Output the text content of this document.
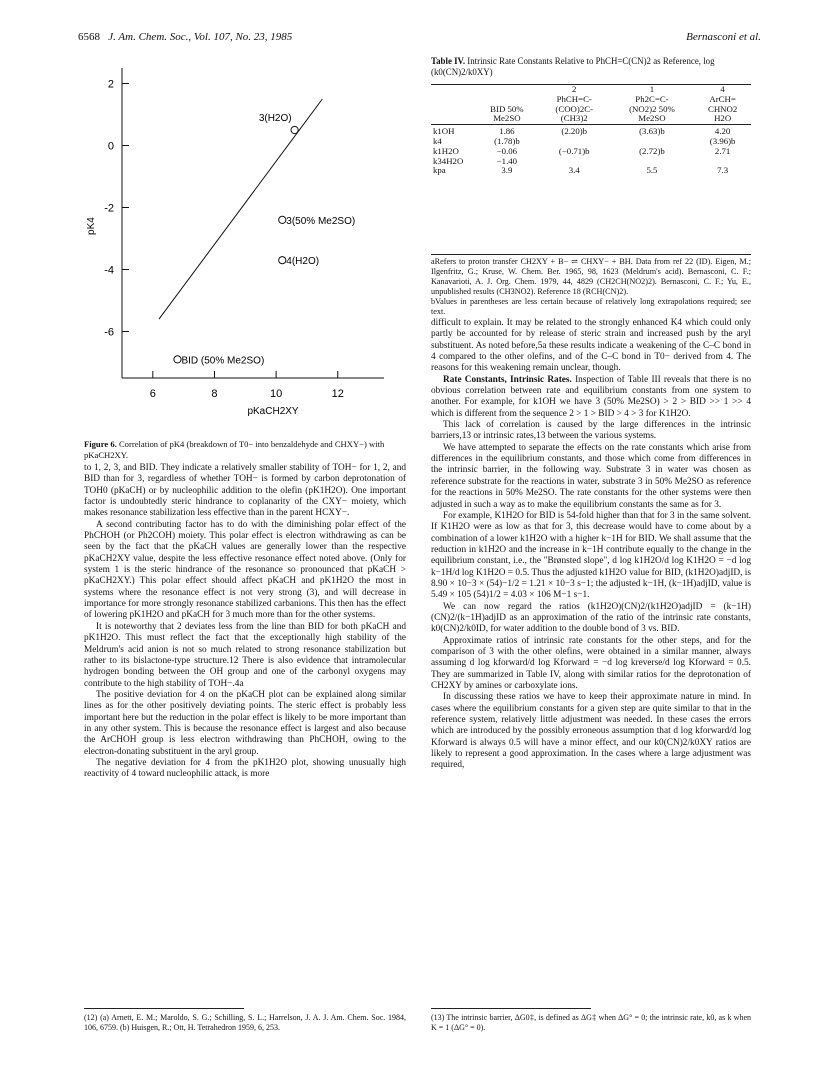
6568 J. Am. Chem. Soc., Vol. 107, No. 23, 1985	Bernasconi et al.
6	8	10	12
2
0
-2
-4
-6
pK4
pKaCH2XY
3(H2O)
3(50% Me2SO)
4(H2O)
BID (50% Me2SO)
Figure 6. Correlation of pK4 (breakdown of T0− into benzaldehyde and CHXY−) with pKaCH2XY.

to 1, 2, 3, and BID. They indicate a relatively smaller stability of TOH− for 1, 2, and BID than for 3, regardless of whether TOH− is formed by carbon deprotonation of TOH0 (pKaCH) or by nucleophilic addition to the olefin (pK1H2O). One important factor is undoubtedly steric hindrance to coplanarity of the CXY− moiety, which makes resonance stabilization less effective than in the parent HCXY−.

A second contributing factor has to do with the diminishing polar effect of the PhCHOH (or Ph2COH) moiety. This polar effect is electron withdrawing as can be seen by the fact that the pKaCH values are generally lower than the respective pKaCH2XY value, despite the less effective resonance effect noted above. (Only for system 1 is the steric hindrance of the resonance so pronounced that pKaCH > pKaCH2XY.) This polar effect should affect pKaCH and pK1H2O the most in systems where the resonance effect is not very strong (3), and will decrease in importance for more strongly resonance stabilized carbanions. This then has the effect of lowering pK1H2O and pKaCH for 3 much more than for the other systems.

It is noteworthy that 2 deviates less from the line than BID for both pKaCH and pK1H2O. This must reflect the fact that the exceptionally high stability of the Meldrum's acid anion is not so much related to strong resonance stabilization but rather to its bislactone-type structure.12 There is also evidence that intramolecular hydrogen bonding between the OH group and one of the carbonyl oxygens may contribute to the high stability of TOH−.4a

The positive deviation for 4 on the pKaCH plot can be explained along similar lines as for the other positively deviating points. The steric effect is probably less important here but the reduction in the polar effect is likely to be more important than in any other system. This is because the resonance effect is largest and also because the ArCHOH group is less electron withdrawing than PhCHOH, owing to the electron-donating substituent in the aryl group.

The negative deviation for 4 from the pK1H2O plot, showing unusually high reactivity of 4 toward nucleophilic attack, is more

Table IV. Intrinsic Rate Constants Relative to PhCH=C(CN)2 as Reference, log (k0(CN)2/k0XY)
		2	1	4
		PhCH=C-	Ph2C=C-	ArCH=
	BID 50%	(COO)2C-	(NO2)2 50%	CHNO2
	Me2SO	(CH3)2	Me2SO	H2O

k1OH	1.86	(2.20)b	(3.63)b	4.20
k4	(1.78)b			(3.96)b
k1H2O	−0.06	(−0.71)b	(2.72)b	2.71
k34H2O	−1.40			
kpa	3.9	3.4	5.5	7.3

aRefers to proton transfer CH2XY + B− ⇌ CHXY− + BH. Data from ref 22 (ID). Eigen, M.; Ilgenfritz, G.; Kruse, W. Chem. Ber. 1965, 98, 1623 (Meldrum's acid). Bernasconi, C. F.; Kanavarioti, A. J. Org. Chem. 1979, 44, 4829 (CH2CH(NO2)2). Bernasconi, C. F.; Yu, E., unpublished results (CH3NO2). Reference 18 (RCH(CN)2).

bValues in parentheses are less certain because of relatively long extrapolations required; see text.

difficult to explain. It may be related to the strongly enhanced K4 which could only partly be accounted for by release of steric strain and increased push by the aryl substituent. As noted before,5a these results indicate a weakening of the C–C bond in 4 compared to the other olefins, and of the C–C bond in T0− derived from 4. The reasons for this weakening remain unclear, though.

Rate Constants, Intrinsic Rates. Inspection of Table III reveals that there is no obvious correlation between rate and equilibrium constants from one system to another. For example, for k1OH we have 3 (50% Me2SO) > 2 > BID >> 1 >> 4 which is different from the sequence 2 > 1 > BID > 4 > 3 for K1H2O.

This lack of correlation is caused by the large differences in the intrinsic barriers,13 or intrinsic rates,13 between the various systems.

We have attempted to separate the effects on the rate constants which arise from differences in the equilibrium constants, and those which come from differences in the intrinsic barrier, in the following way. Substrate 3 in water was chosen as reference substrate for the reactions in water, substrate 3 in 50% Me2SO as reference for the reactions in 50% Me2SO. The rate constants for the other systems were then adjusted in such a way as to make the equilibrium constants the same as for 3.

For example, K1H2O for BID is 54-fold higher than that for 3 in the same solvent. If K1H2O were as low as that for 3, this decrease would have to come about by a combination of a lower k1H2O with a higher k−1H for BID. We shall assume that the reduction in k1H2O and the increase in k−1H contribute equally to the change in the equilibrium constant, i.e., the "Brønsted slope", d log k1H2O/d log K1H2O = −d log k−1H/d log K1H2O = 0.5. Thus the adjusted k1H2O value for BID, (k1H2O)adjID, is 8.90 × 10−3 × (54)−1/2 = 1.21 × 10−3 s−1; the adjusted k−1H, (k−1H)adjID, value is 5.49 × 105 (54)1/2 = 4.03 × 106 M−1 s−1.

We can now regard the ratios (k1H2O)(CN)2/(k1H2O)adjID = (k−1H)(CN)2/(k−1H)adjID as an approximation of the ratio of the intrinsic rate constants, k0(CN)2/k0ID, for water addition to the double bond of 3 vs. BID.

Approximate ratios of intrinsic rate constants for the other steps, and for the comparison of 3 with the other olefins, were obtained in a similar manner, always assuming d log kforward/d log Kforward = −d log kreverse/d log Kforward = 0.5. They are summarized in Table IV, along with similar ratios for the deprotonation of CH2XY by amines or carboxylate ions.

In discussing these ratios we have to keep their approximate nature in mind. In cases where the equilibrium constants for a given step are quite similar to that in the reference system, relatively little adjustment was needed. In these cases the errors which are introduced by the possibly erroneous assumption that d log kforward/d log Kforward is always 0.5 will have a minor effect, and our k0(CN)2/k0XY ratios are likely to represent a good approximation. In the cases where a large adjustment was required,

(12) (a) Arnett, E. M.; Maroldo, S. G.; Schilling, S. L.; Harrelson, J. A. J. Am. Chem. Soc. 1984, 106, 6759. (b) Huisgen, R.; Ott, H. Tetrahedron 1959, 6, 253.
(13) The intrinsic barrier, ΔG0‡, is defined as ΔG‡ when ΔG° = 0; the intrinsic rate, k0, as k when K = 1 (ΔG° = 0).
